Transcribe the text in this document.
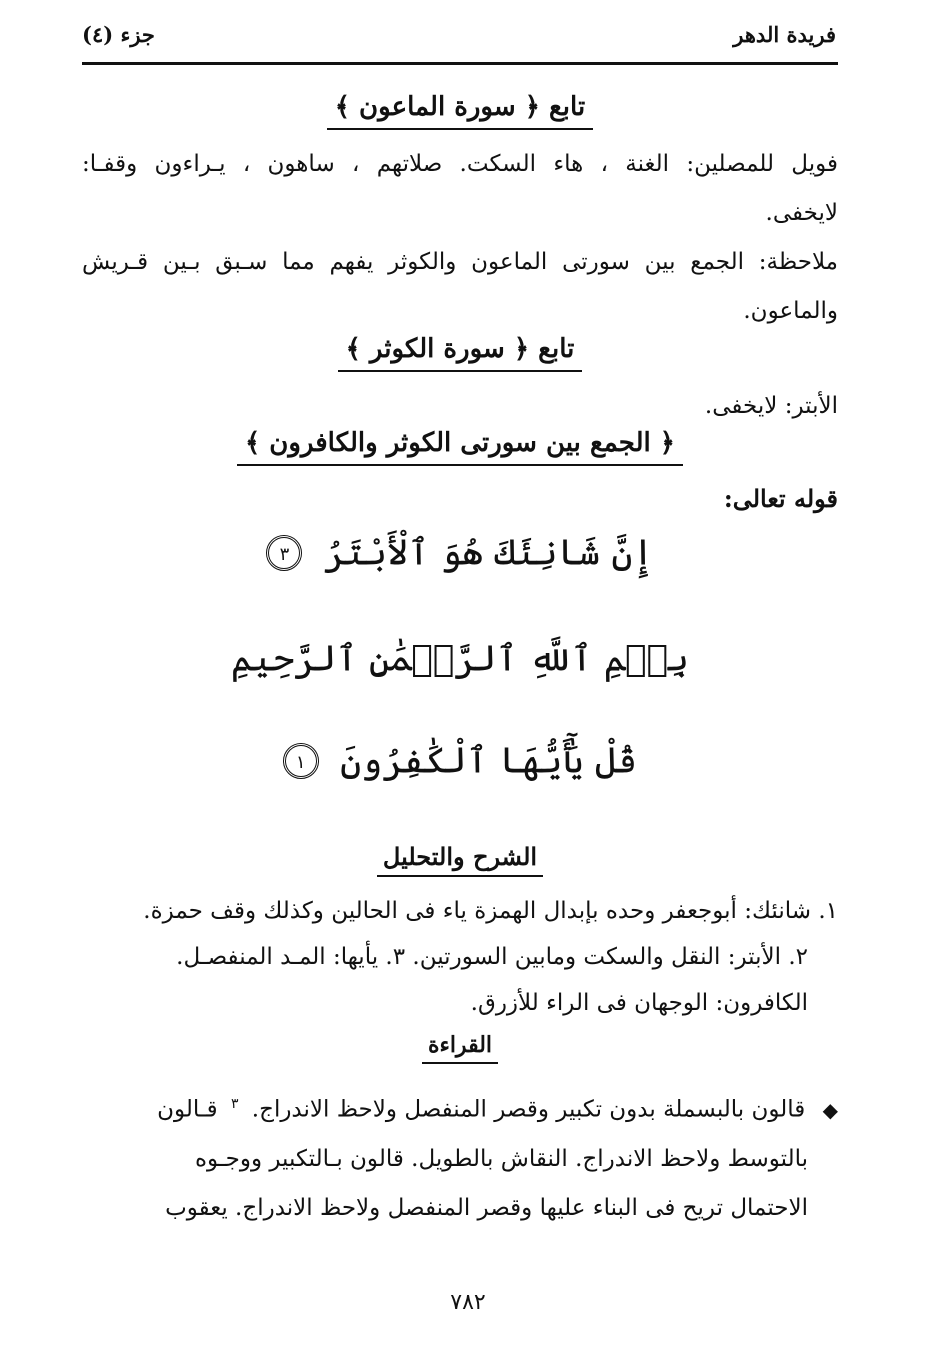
فريدة الدهر
جزء (٤)
تابع ﴿ سورة الماعون ﴾
فويل للمصلين: الغنة ، هاء السكت. صلاتهم ، ساهون ، يـراءون وقفـا:
لايخفى.
ملاحظة: الجمع بين سورتى الماعون والكوثر يفهم مما سـبق بـين قـريش
والماعون.
تابع ﴿ سورة الكوثر ﴾
الأبتر: لايخفى.
﴿ الجمع بين سورتى الكوثر والكافرون ﴾
قوله تعالى:
إِنَّ شَانِئَكَ هُوَ ٱلْأَبْتَرُ ٣
بِسۡمِ ٱللَّهِ ٱلرَّحۡمَٰنِ ٱلرَّحِيمِ
قُلْ يَٰٓأَيُّهَا ٱلْكَٰفِرُونَ ١
الشرح والتحليل
١. شانئك: أبوجعفر وحده بإبدال الهمزة ياء فى الحالين وكذلك وقف حمزة.
٢. الأبتر: النقل والسكت ومابين السورتين. ٣. يأيها: المـد المنفصـل.
الكافرون: الوجهان فى الراء للأزرق.
القراءة
◆ قالون بالبسملة بدون تكبير وقصر المنفصل ولاحظ الاندراج. $^٣$ قـالون
بالتوسط ولاحظ الاندراج. النقاش بالطويل. قالون بـالتكبير ووجـوه
الاحتمال تريح فى البناء عليها وقصر المنفصل ولاحظ الاندراج. يعقوب
٧٨٢
